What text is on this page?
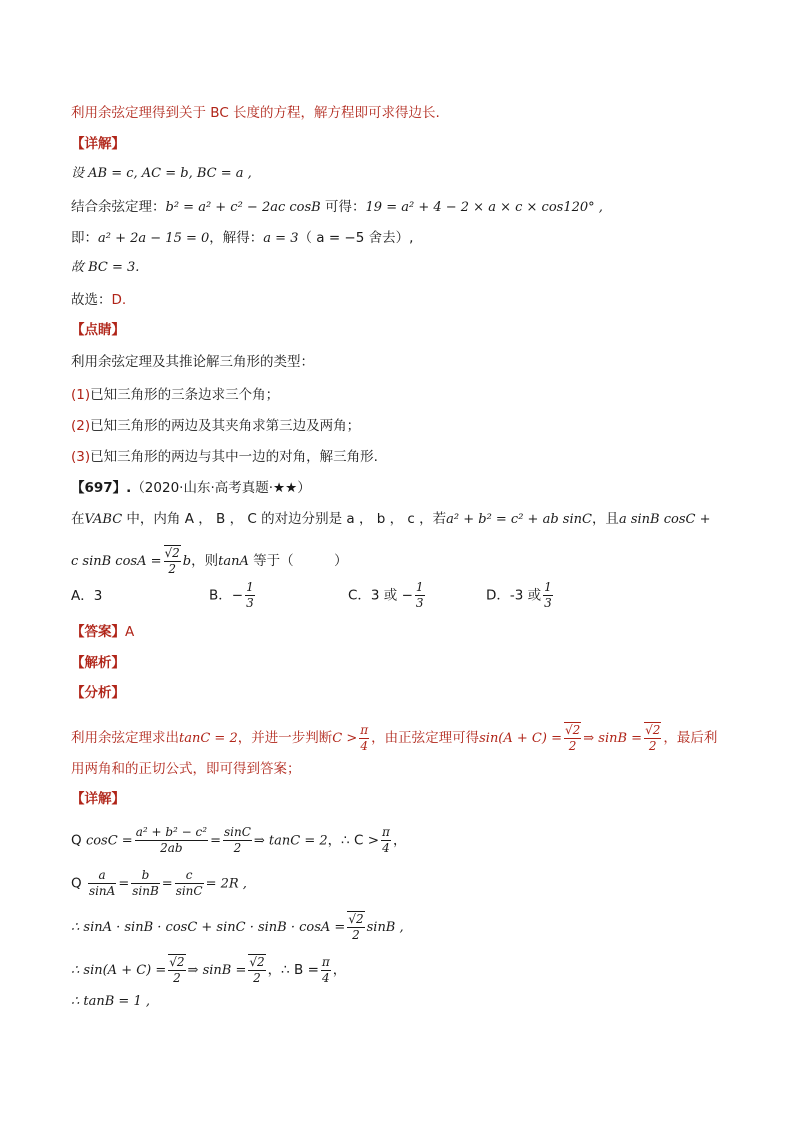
利用余弦定理得到关于 BC 长度的方程，解方程即可求得边长.
【详解】
设 AB = c, AC = b, BC = a ,
结合余弦定理：b² = a² + c² − 2ac cosB 可得：19 = a² + 4 − 2 × a × c × cos120° ,
即：a² + 2a − 15 = 0，解得：a = 3（ a = −5 舍去）,
故 BC = 3.
故选：D.
【点睛】
利用余弦定理及其推论解三角形的类型：
(1)已知三角形的三条边求三个角；
(2)已知三角形的两边及其夹角求第三边及两角；
(3)已知三角形的两边与其中一边的对角，解三角形.
【697】.（2020·山东·高考真题·★★）
在VABC 中，内角 A ， B ， C 的对边分别是 a ， b ， c ，若a² + b² = c² + ab sinC，且a sinB cosC +
c sinB $\cos A = \frac{√2}{2}$ b，则tanA 等于（　　　）
A．3	B．− $\frac{1}{3}$	C．3 或 − $\frac{1}{3}$	D．-3 或 $\frac{1}{3}$
【答案】A
【解析】
【分析】
利用余弦定理求出tanC = 2，并进一步判断$C > \frac{\pi}{4}$ ，由正弦定理可得$\sin(A + C) = \frac{√2}{2}$ ⇒ $\sin B = \frac{√2}{2}$ ，最后利
用两角和的正切公式，即可得到答案；
【详解】
Q $\cos C = \frac{\text{a² + b² − c²}}{2ab} = \frac{\sin C}{2}$ ⇒ tanC = 2，∴ $C > \frac{\pi}{4}$ ，
Q $\frac{a}{\sin A} = \frac{b}{\sin B} = \frac{c}{\sin C} = 2R$ ,
∴ $\sin A \cdot \sin B \cdot \cos C + \sin C \cdot \sin B \cdot \cos A = \frac{√2}{2}$ sinB ,
∴ $\sin(A + C) = \frac{√2}{2}$ ⇒ $\sin B = \frac{√2}{2}$ ，∴ $B = \frac{\pi}{4}$ ，
∴ tanB = 1 ,
